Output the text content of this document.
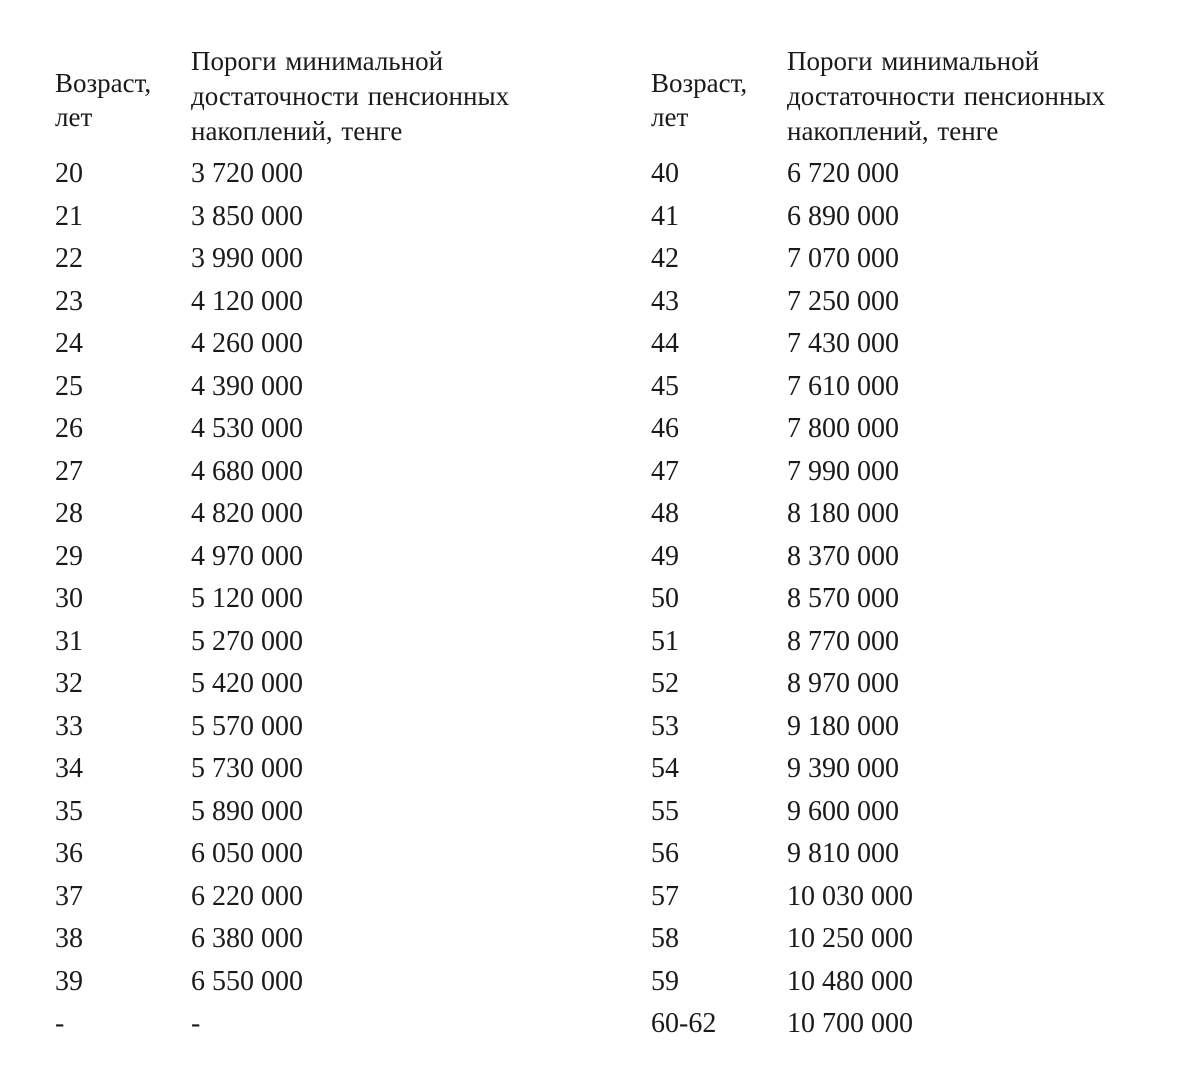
Возраст,
лет
Пороги минимальной
достаточности пенсионных
накоплений, тенге
20	3 720 000
21	3 850 000
22	3 990 000
23	4 120 000
24	4 260 000
25	4 390 000
26	4 530 000
27	4 680 000
28	4 820 000
29	4 970 000
30	5 120 000
31	5 270 000
32	5 420 000
33	5 570 000
34	5 730 000
35	5 890 000
36	6 050 000
37	6 220 000
38	6 380 000
39	6 550 000
-	-
Возраст,
лет
Пороги минимальной
достаточности пенсионных
накоплений, тенге
40	6 720 000
41	6 890 000
42	7 070 000
43	7 250 000
44	7 430 000
45	7 610 000
46	7 800 000
47	7 990 000
48	8 180 000
49	8 370 000
50	8 570 000
51	8 770 000
52	8 970 000
53	9 180 000
54	9 390 000
55	9 600 000
56	9 810 000
57	10 030 000
58	10 250 000
59	10 480 000
60-62	10 700 000
